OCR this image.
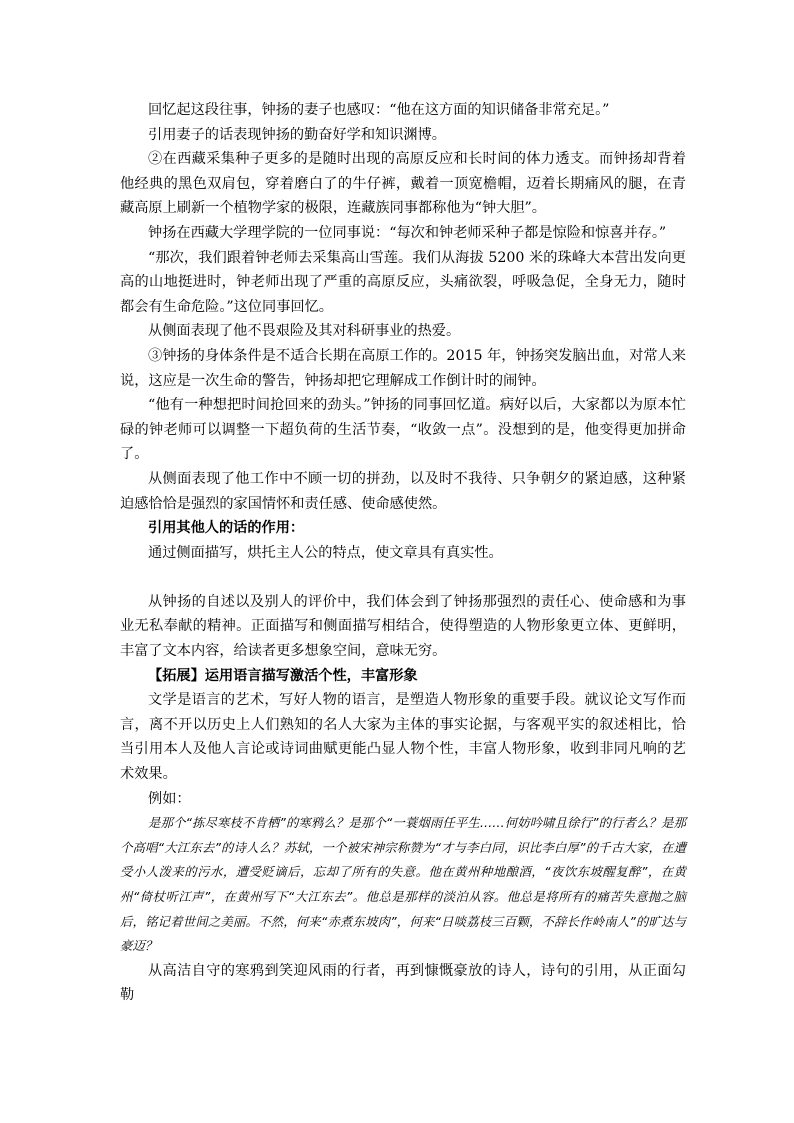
回忆起这段往事，钟扬的妻子也感叹：“他在这方面的知识储备非常充足。”

引用妻子的话表现钟扬的勤奋好学和知识渊博。

②在西藏采集种子更多的是随时出现的高原反应和长时间的体力透支。而钟扬却背着他经典的黑色双肩包，穿着磨白了的牛仔裤，戴着一顶宽檐帽，迈着长期痛风的腿，在青藏高原上刷新一个植物学家的极限，连藏族同事都称他为“钟大胆”。

钟扬在西藏大学理学院的一位同事说：“每次和钟老师采种子都是惊险和惊喜并存。”

“那次，我们跟着钟老师去采集高山雪莲。我们从海拔 5200 米的珠峰大本营出发向更高的山地挺进时，钟老师出现了严重的高原反应，头痛欲裂，呼吸急促，全身无力，随时都会有生命危险。”这位同事回忆。

从侧面表现了他不畏艰险及其对科研事业的热爱。

③钟扬的身体条件是不适合长期在高原工作的。2015 年，钟扬突发脑出血，对常人来说，这应是一次生命的警告，钟扬却把它理解成工作倒计时的闹钟。

“他有一种想把时间抢回来的劲头。”钟扬的同事回忆道。病好以后，大家都以为原本忙碌的钟老师可以调整一下超负荷的生活节奏，“收敛一点”。没想到的是，他变得更加拼命了。

从侧面表现了他工作中不顾一切的拼劲，以及时不我待、只争朝夕的紧迫感，这种紧迫感恰恰是强烈的家国情怀和责任感、使命感使然。

引用其他人的话的作用：

通过侧面描写，烘托主人公的特点，使文章具有真实性。

从钟扬的自述以及别人的评价中，我们体会到了钟扬那强烈的责任心、使命感和为事业无私奉献的精神。正面描写和侧面描写相结合，使得塑造的人物形象更立体、更鲜明，丰富了文本内容，给读者更多想象空间，意味无穷。

【拓展】运用语言描写激活个性，丰富形象

文学是语言的艺术，写好人物的语言，是塑造人物形象的重要手段。就议论文写作而言，离不开以历史上人们熟知的名人大家为主体的事实论据，与客观平实的叙述相比，恰当引用本人及他人言论或诗词曲赋更能凸显人物个性，丰富人物形象，收到非同凡响的艺术效果。

例如：

是那个“拣尽寒枝不肯栖”的寒鸦么？是那个“一蓑烟雨任平生……何妨吟啸且徐行”的行者么？是那个高唱“大江东去”的诗人么？苏轼，一个被宋神宗称赞为“才与李白同，识比李白厚”的千古大家，在遭受小人泼来的污水，遭受贬谪后，忘却了所有的失意。他在黄州种地酿酒，“夜饮东坡醒复醉”，在黄州“倚杖听江声”，在黄州写下“大江东去”。他总是那样的淡泊从容。他总是将所有的痛苦失意抛之脑后，铭记着世间之美丽。不然，何来“赤煮东坡肉”，何来“日啖荔枝三百颗，不辞长作岭南人”的旷达与豪迈？

从高洁自守的寒鸦到笑迎风雨的行者，再到慷慨豪放的诗人，诗句的引用，从正面勾勒
